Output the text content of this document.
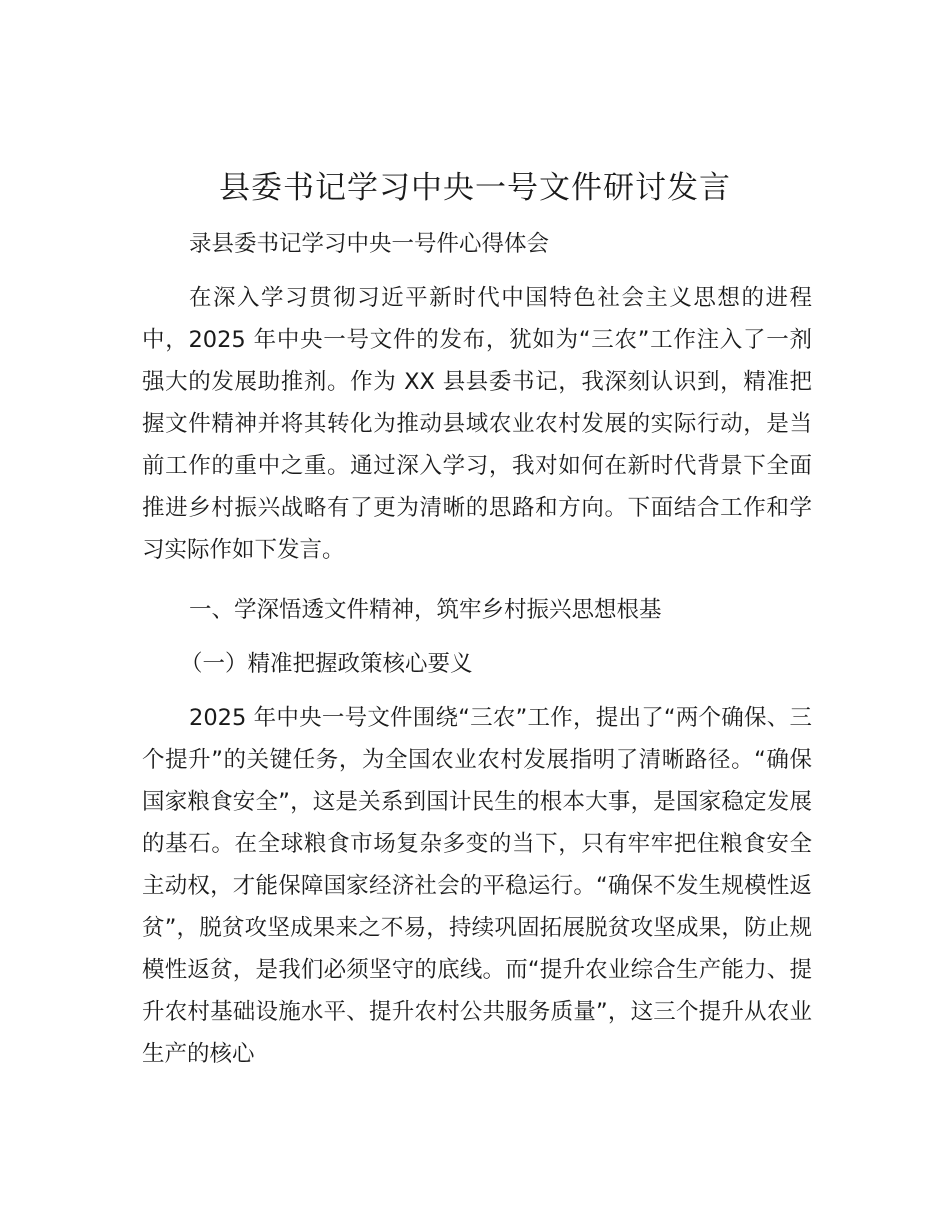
县委书记学习中央一号文件研讨发言

录县委书记学习中央一号件心得体会

在深入学习贯彻习近平新时代中国特色社会主义思想的进程中，2025 年中央一号文件的发布，犹如为“三农”工作注入了一剂强大的发展助推剂。作为 XX 县县委书记，我深刻认识到，精准把握文件精神并将其转化为推动县域农业农村发展的实际行动，是当前工作的重中之重。通过深入学习，我对如何在新时代背景下全面推进乡村振兴战略有了更为清晰的思路和方向。下面结合工作和学习实际作如下发言。

一、学深悟透文件精神，筑牢乡村振兴思想根基

（一）精准把握政策核心要义

2025 年中央一号文件围绕“三农”工作，提出了“两个确保、三个提升”的关键任务，为全国农业农村发展指明了清晰路径。“确保国家粮食安全”，这是关系到国计民生的根本大事，是国家稳定发展的基石。在全球粮食市场复杂多变的当下，只有牢牢把住粮食安全主动权，才能保障国家经济社会的平稳运行。“确保不发生规模性返贫”，脱贫攻坚成果来之不易，持续巩固拓展脱贫攻坚成果，防止规模性返贫，是我们必须坚守的底线。而“提升农业综合生产能力、提升农村基础设施水平、提升农村公共服务质量”，这三个提升从农业生产的核心
